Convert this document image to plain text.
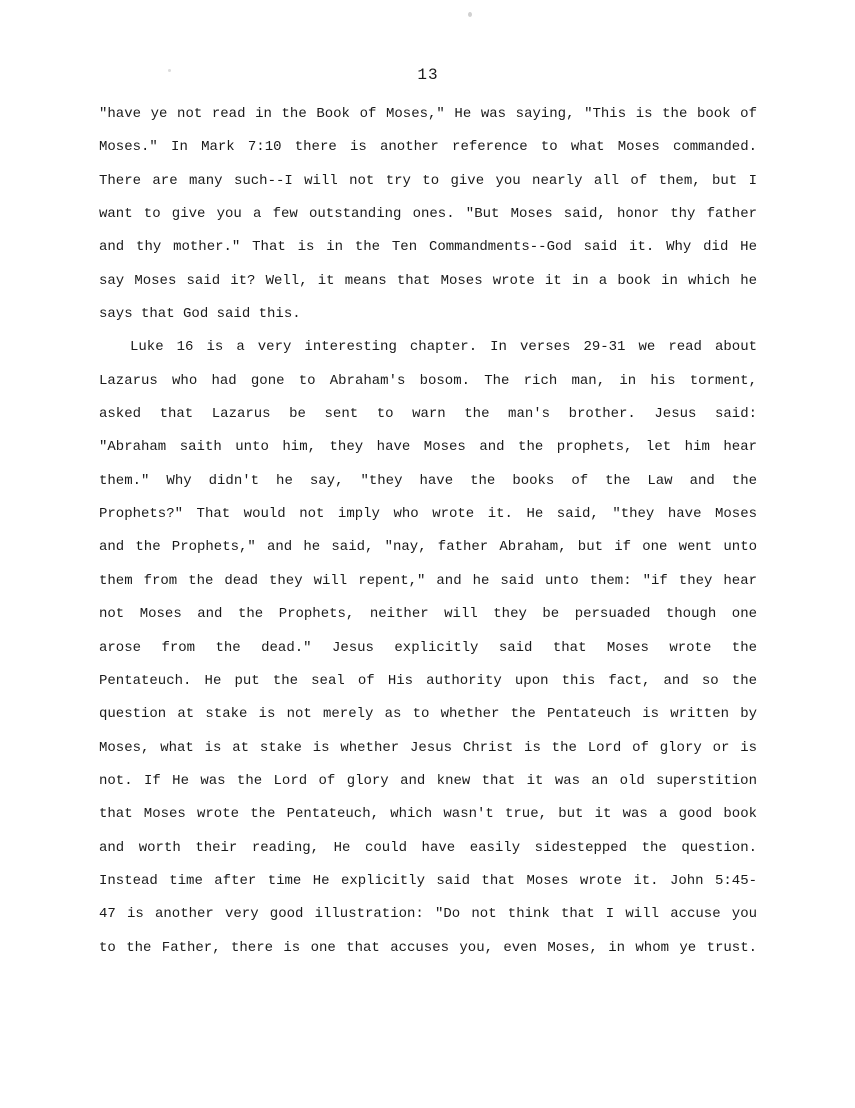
13
"have ye not read in the Book of Moses," He was saying, "This is the book of
Moses." In Mark 7:10 there is another reference to what Moses commanded.
There are many such--I will not try to give you nearly all of them, but I
want to give you a few outstanding ones. "But Moses said, honor thy father
and thy mother." That is in the Ten Commandments--God said it. Why did He
say Moses said it? Well, it means that Moses wrote it in a book in which he
says that God said this.
Luke 16 is a very interesting chapter. In verses 29-31 we read about
Lazarus who had gone to Abraham's bosom. The rich man, in his torment,
asked that Lazarus be sent to warn the man's brother. Jesus said:
"Abraham saith unto him, they have Moses and the prophets, let him hear
them." Why didn't he say, "they have the books of the Law and the
Prophets?" That would not imply who wrote it. He said, "they have Moses
and the Prophets," and he said, "nay, father Abraham, but if one went unto
them from the dead they will repent," and he said unto them: "if they hear
not Moses and the Prophets, neither will they be persuaded though one
arose from the dead." Jesus explicitly said that Moses wrote the
Pentateuch. He put the seal of His authority upon this fact, and so the
question at stake is not merely as to whether the Pentateuch is written by
Moses, what is at stake is whether Jesus Christ is the Lord of glory or is
not. If He was the Lord of glory and knew that it was an old superstition
that Moses wrote the Pentateuch, which wasn't true, but it was a good book
and worth their reading, He could have easily sidestepped the question.
Instead time after time He explicitly said that Moses wrote it. John 5:45-
47 is another very good illustration: "Do not think that I will accuse you
to the Father, there is one that accuses you, even Moses, in whom ye trust.
